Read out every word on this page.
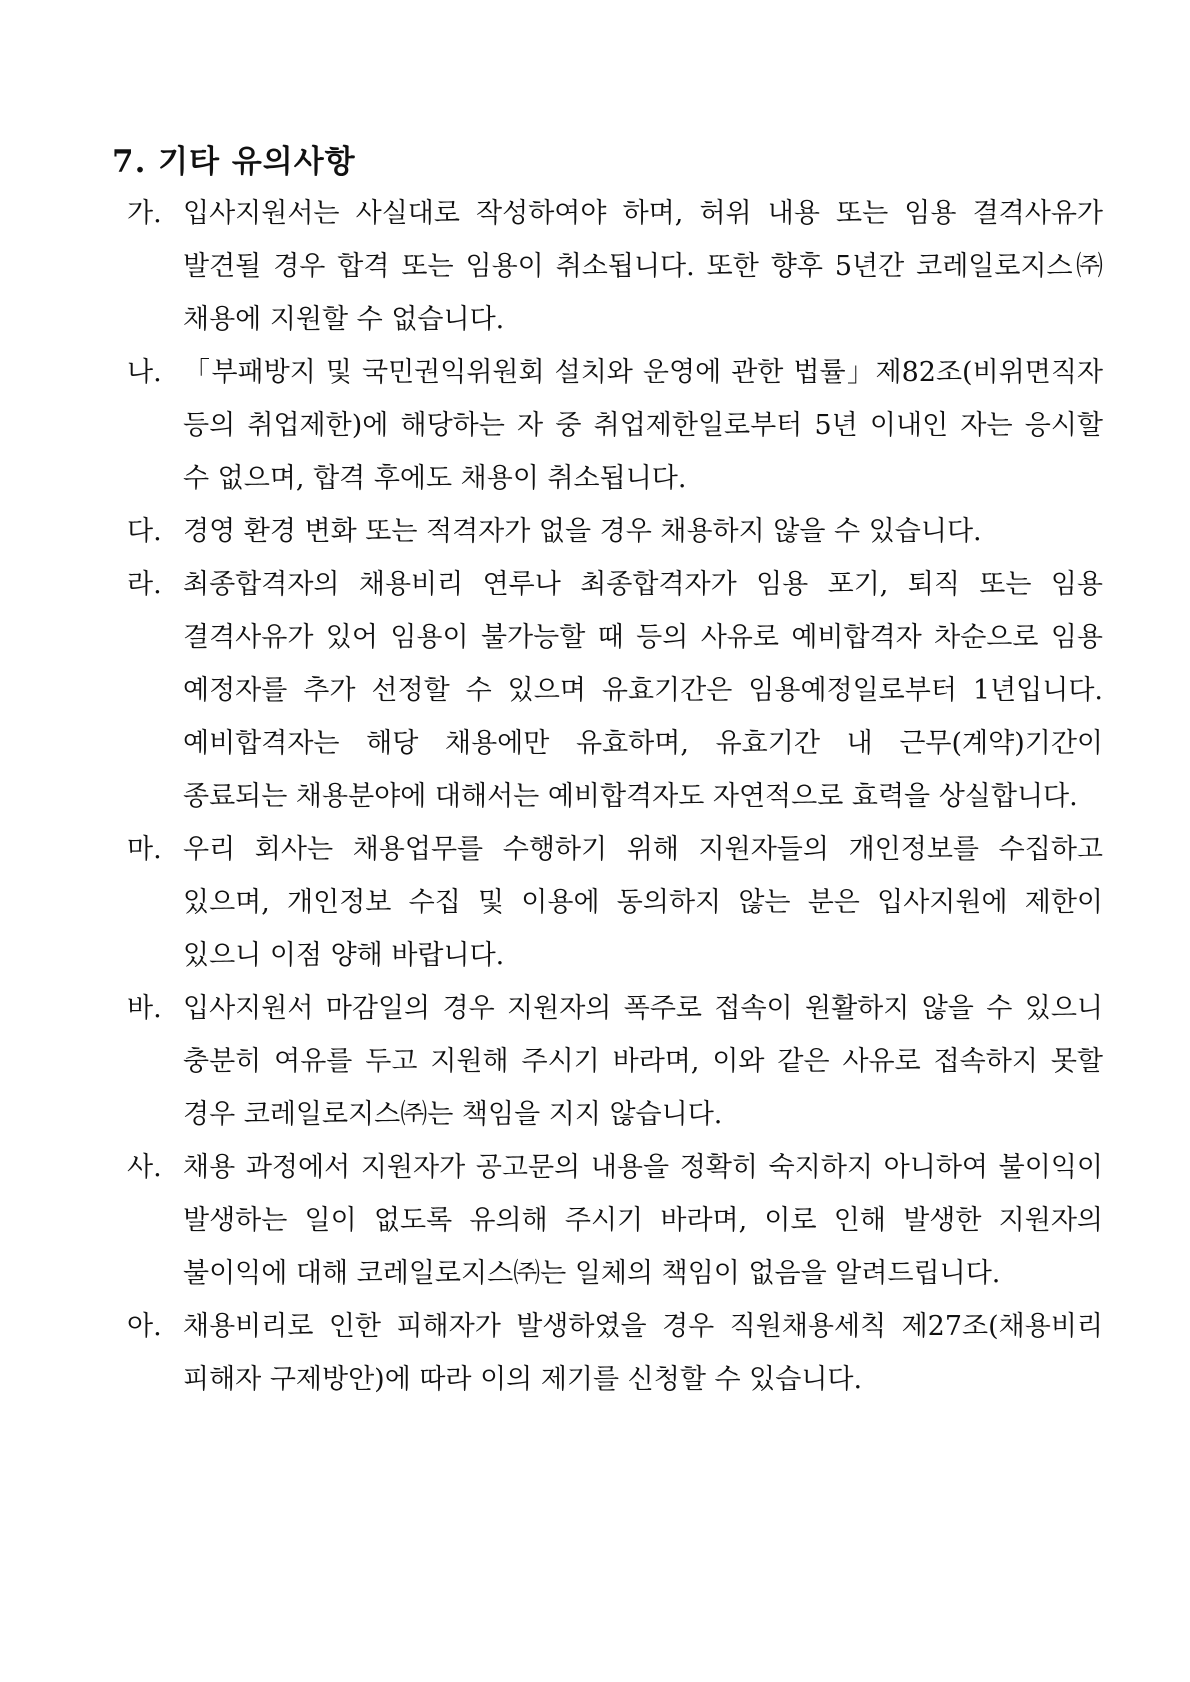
7. 기타 유의사항
가. 입사지원서는 사실대로 작성하여야 하며, 허위 내용 또는 임용 결격사유가 발견될 경우 합격 또는 임용이 취소됩니다. 또한 향후 5년간 코레일로지스㈜ 채용에 지원할 수 없습니다.
나. 「부패방지 및 국민권익위원회 설치와 운영에 관한 법률」제82조(비위면직자 등의 취업제한)에 해당하는 자 중 취업제한일로부터 5년 이내인 자는 응시할 수 없으며, 합격 후에도 채용이 취소됩니다.
다. 경영 환경 변화 또는 적격자가 없을 경우 채용하지 않을 수 있습니다.
라. 최종합격자의 채용비리 연루나 최종합격자가 임용 포기, 퇴직 또는 임용 결격사유가 있어 임용이 불가능할 때 등의 사유로 예비합격자 차순으로 임용 예정자를 추가 선정할 수 있으며 유효기간은 임용예정일로부터 1년입니다. 예비합격자는 해당 채용에만 유효하며, 유효기간 내 근무(계약)기간이 종료되는 채용분야에 대해서는 예비합격자도 자연적으로 효력을 상실합니다.
마. 우리 회사는 채용업무를 수행하기 위해 지원자들의 개인정보를 수집하고 있으며, 개인정보 수집 및 이용에 동의하지 않는 분은 입사지원에 제한이 있으니 이점 양해 바랍니다.
바. 입사지원서 마감일의 경우 지원자의 폭주로 접속이 원활하지 않을 수 있으니 충분히 여유를 두고 지원해 주시기 바라며, 이와 같은 사유로 접속하지 못할 경우 코레일로지스㈜는 책임을 지지 않습니다.
사. 채용 과정에서 지원자가 공고문의 내용을 정확히 숙지하지 아니하여 불이익이 발생하는 일이 없도록 유의해 주시기 바라며, 이로 인해 발생한 지원자의 불이익에 대해 코레일로지스㈜는 일체의 책임이 없음을 알려드립니다.
아. 채용비리로 인한 피해자가 발생하였을 경우 직원채용세칙 제27조(채용비리 피해자 구제방안)에 따라 이의 제기를 신청할 수 있습니다.
